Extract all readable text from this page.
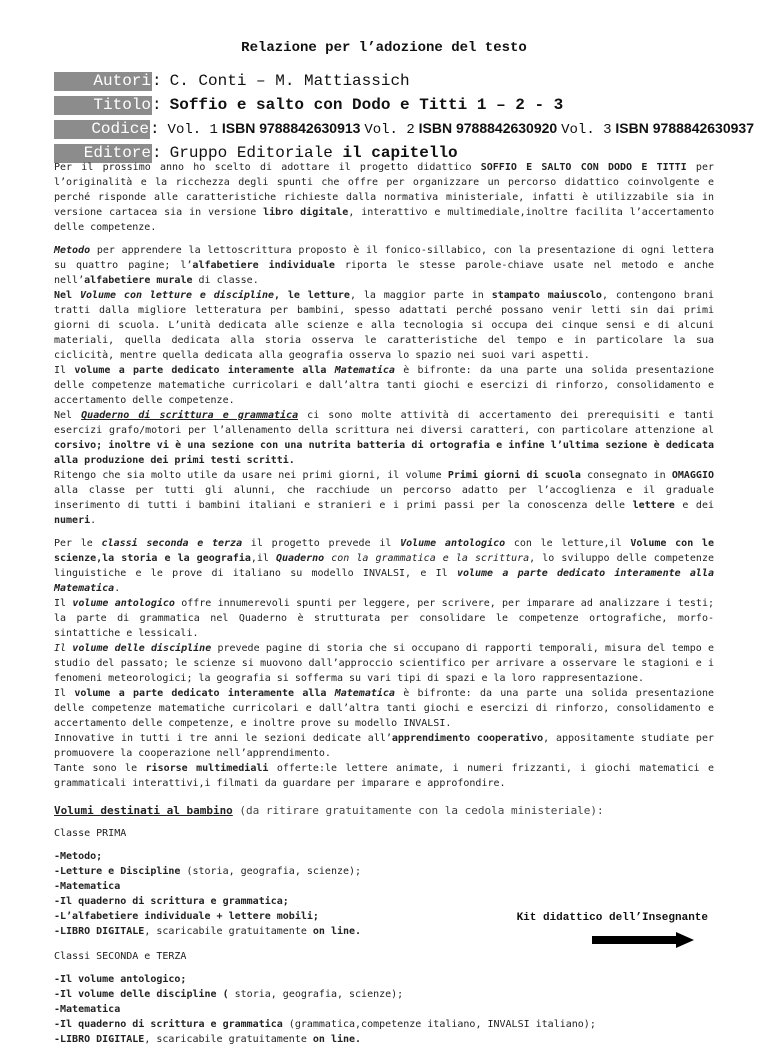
Relazione per l’adozione del testo
Autori : C. Conti – M. Mattiassich
Titolo : Soffio e salto con Dodo e Titti 1 – 2 - 3
Codice : Vol. 1 ISBN 9788842630913 Vol. 2 ISBN 9788842630920 Vol. 3 ISBN 9788842630937
Editore : Gruppo Editoriale il capitello

Per il prossimo anno ho scelto di adottare il progetto didattico SOFFIO E SALTO CON DODO E TITTI per l’originalità e la ricchezza degli spunti che offre per organizzare un percorso didattico coinvolgente e perché risponde alle caratteristiche richieste dalla normativa ministeriale, infatti è utilizzabile sia in versione cartacea sia in versione libro digitale, interattivo e multimediale,inoltre facilita l’accertamento delle competenze.

Metodo per apprendere la lettoscrittura proposto è il fonico-sillabico, con la presentazione di ogni lettera su quattro pagine; l’alfabetiere individuale riporta le stesse parole-chiave usate nel metodo e anche nell’alfabetiere murale di classe.

Nel Volume con letture e discipline, le letture, la maggior parte in stampato maiuscolo, contengono brani tratti dalla migliore letteratura per bambini, spesso adattati perché possano venir letti sin dai primi giorni di scuola. L’unità dedicata alle scienze e alla tecnologia si occupa dei cinque sensi e di alcuni materiali, quella dedicata alla storia osserva le caratteristiche del tempo e in particolare la sua ciclicità, mentre quella dedicata alla geografia osserva lo spazio nei suoi vari aspetti.

Il volume a parte dedicato interamente alla Matematica è bifronte: da una parte una solida presentazione delle competenze matematiche curricolari e dall’altra tanti giochi e esercizi di rinforzo, consolidamento e accertamento delle competenze.

Nel Quaderno di scrittura e grammatica ci sono molte attività di accertamento dei prerequisiti e tanti esercizi grafo/motori per l’allenamento della scrittura nei diversi caratteri, con particolare attenzione al corsivo; inoltre vi è una sezione con una nutrita batteria di ortografia e infine l’ultima sezione è dedicata alla produzione dei primi testi scritti.

Ritengo che sia molto utile da usare nei primi giorni, il volume Primi giorni di scuola consegnato in OMAGGIO alla classe per tutti gli alunni, che racchiude un percorso adatto per l’accoglienza e il graduale inserimento di tutti i bambini italiani e stranieri e i primi passi per la conoscenza delle lettere e dei numeri.

Per le classi seconda e terza il progetto prevede il Volume antologico con le letture,il Volume con le scienze,la storia e la geografia,il Quaderno con la grammatica e la scrittura, lo sviluppo delle competenze linguistiche e le prove di italiano su modello INVALSI, e Il volume a parte dedicato interamente alla Matematica.

Il volume antologico offre innumerevoli spunti per leggere, per scrivere, per imparare ad analizzare i testi; la parte di grammatica nel Quaderno è strutturata per consolidare le competenze ortografiche, morfo-sintattiche e lessicali.

Il volume delle discipline prevede pagine di storia che si occupano di rapporti temporali, misura del tempo e studio del passato; le scienze si muovono dall’approccio scientifico per arrivare a osservare le stagioni e i fenomeni meteorologici; la geografia si sofferma su vari tipi di spazi e la loro rappresentazione.

Il volume a parte dedicato interamente alla Matematica è bifronte: da una parte una solida presentazione delle competenze matematiche curricolari e dall’altra tanti giochi e esercizi di rinforzo, consolidamento e accertamento delle competenze, e inoltre prove su modello INVALSI.

Innovative in tutti i tre anni le sezioni dedicate all’apprendimento cooperativo, appositamente studiate per promuovere la cooperazione nell’apprendimento.

Tante sono le risorse multimediali offerte:le lettere animate, i numeri frizzanti, i giochi matematici e grammaticali interattivi,i filmati da guardare per imparare e approfondire.

Volumi destinati al bambino (da ritirare gratuitamente con la cedola ministeriale):
Classe PRIMA
-Metodo;
-Letture e Discipline (storia, geografia, scienze);
-Matematica
-Il quaderno di scrittura e grammatica;
-L’alfabetiere individuale + lettere mobili;
-LIBRO DIGITALE, scaricabile gratuitamente on line.
Classi SECONDA e TERZA
-Il volume antologico;
-Il volume delle discipline ( storia, geografia, scienze);
-Matematica
-Il quaderno di scrittura e grammatica (grammatica,competenze italiano, INVALSI italiano);
-LIBRO DIGITALE, scaricabile gratuitamente on line.
Kit didattico dell’Insegnante
